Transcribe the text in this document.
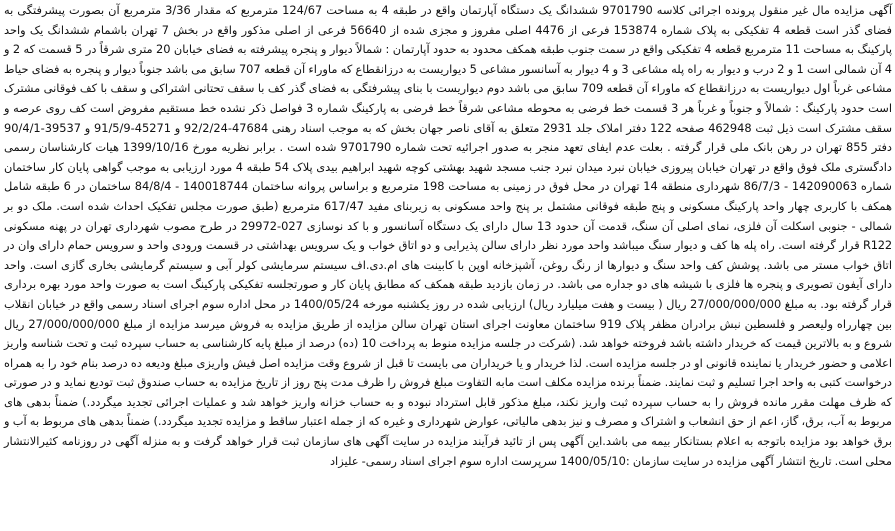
آگهی مزایده مال غیر منقول پرونده اجرائی کلاسه 9701790 ششدانگ یک دستگاه آپارتمان واقع در طبقه 4 به مساحت 124/67 مترمربع که مقدار 3/36 مترمربع آن بصورت پیشرفتگی به فضای گذر است قطعه 4 تفکیکی به پلاک شماره 153874 فرعی از 4476 اصلی مفروز و مجزی شده از 56640 فرعی از اصلی مذکور واقع در بخش 7 تهران باشمام ششدانگ یک واحد پارکینگ به مساحت 11 مترمربع قطعه 4 تفکیکی واقع در سمت جنوب طبقه همکف محدود به حدود آپارتمان : شمالاً دیوار و پنجره پیشرفته به فضای خیابان 20 متری شرقاً در 5 قسمت که 2 و 4 آن شمالی است 1 و 2 درب و دیوار به راه پله مشاعی 3 و 4 دیوار به آسانسور مشاعی 5 دیواریست به درزانقطاع که ماوراء آن قطعه 707 سابق می باشد جنوباً دیوار و پنجره به فضای حیاط مشاعی غرباً اول دیواریست به درزانقطاع که ماوراء آن قطعه 709 سابق می باشد دوم دیواریست با بنای پیشرفتگی به فضای گذر کف با سقف تحتانی اشتراکی و سقف با کف فوقانی مشترک است حدود پارکینگ : شمالاً و جنوباً و غرباً هر 3 قسمت خط فرضی به محوطه مشاعی شرقاً خط فرضی به پارکینگ شماره 3 فواصل ذکر نشده خط مستقیم مفروض است کف روی عرصه و سقف مشترک است ذیل ثبت 462948 صفحه 122 دفتر املاک جلد 2931 متعلق به آقای ناصر جهان بخش که به موجب اسناد رهنی 47684-92/2/24 و 45271-91/5/9 و 39537-90/4/1 دفتر 855 تهران در رهن بانک ملی قرار گرفته . بعلت عدم ایفای تعهد منجر به صدور اجرائیه تحت شماره 9701790 شده است . برابر نظریه مورخ 1399/10/16 هیات کارشناسان رسمی دادگستری ملک فوق واقع در تهران خیابان پیروزی خیابان نبرد میدان نبرد جنب مسجد شهید بهشتی کوچه شهید ابراهیم بیدی پلاک 54 طبقه 4 مورد ارزیابی به موجب گواهی پایان کار ساختمان شماره 142090063 - 86/7/3 شهرداری منطقه 14 تهران در محل فوق در زمینی به مساحت 198 مترمربع و براساس پروانه ساختمان 140018744 - 84/8/4 ساختمان در 6 طبقه شامل همکف با کاربری چهار واحد پارکینگ مسکونی و پنج طبقه فوقانی مشتمل بر پنج واحد مسکونی به زیربنای مفید 617/47 مترمربع (طبق صورت مجلس تفکیک احداث شده است. ملک دو بر شمالی - جنوبی اسکلت آن فلزی، نمای اصلی آن سنگ، قدمت آن حدود 13 سال دارای یک دستگاه آسانسور و با کد نوسازی 027-29972 در طرح مصوب شهرداری تهران در پهنه مسکونی R122 قرار گرفته است. راه پله ها کف و دیوار سنگ میباشد واحد مورد نظر دارای سالن پذیرایی و دو اتاق خواب و یک سرویس بهداشتی در قسمت ورودی واحد و سرویس حمام دارای وان در اتاق خواب مستر می باشد. پوشش کف واحد سنگ و دیوارها از رنگ روغن، آشپزخانه اوپن با کابینت های ام.دی.اف سیستم سرمایشی کولر آبی و سیستم گرمایشی بخاری گازی است. واحد دارای آیفون تصویری و پنجره ها فلزی با شیشه های دو جداره می باشد. در زمان بازدید طبقه همکف که مطابق پایان کار و صورتجلسه تفکیکی پارکینگ است به صورت واحد مورد بهره برداری قرار گرفته بود. به مبلغ 27/000/000/000 ریال ( بیست و هفت میلیارد ریال) ارزیابی شده در روز یکشنبه مورخه 1400/05/24 در محل اداره سوم اجرای اسناد رسمی واقع در خیابان انقلاب بین چهارراه ولیعصر و فلسطین نبش برادران مظفر پلاک 919 ساختمان معاونت اجرای استان تهران سالن مزایده از طریق مزایده به فروش میرسد مزایده از مبلغ 27/000/000/000 ریال شروع و به بالاترین قیمت که خریدار داشته باشد فروخته خواهد شد. (شرکت در جلسه مزایده منوط به پرداخت 10 (ده) درصد از مبلغ پایه کارشناسی به حساب سپرده ثبت و تحت شناسه واریز اعلامی و حضور خریدار یا نماینده قانونی او در جلسه مزایده است. لذا خریدار و یا خریداران می بایست تا قبل از شروع وقت مزایده اصل فیش واریزی مبلغ ودیعه ده درصد بنام خود را به همراه درخواست کتبی به واحد اجرا تسلیم و ثبت نمایند. ضمناً برنده مزایده مکلف است مابه التفاوت مبلغ فروش را ظرف مدت پنج روز از تاریخ مزایده به حساب صندوق ثبت تودیع نماید و در صورتی که ظرف مهلت مقرر مانده فروش را به حساب سپرده ثبت واریز نکند، مبلغ مذکور قابل استرداد نبوده و به حساب خزانه واریز خواهد شد و عملیات اجرائی تجدید میگردد.) ضمناً بدهی های مربوط به آب، برق، گاز، اعم از حق انشعاب و اشتراک و مصرف و نیز بدهی مالیاتی، عوارض شهرداری و غیره که از جمله اعتبار ساقط و مزایده تجدید میگردد.) ضمناً بدهی های مربوط به آب و برق خواهد بود مزایده باتوجه به اعلام بستانکار بیمه می باشد.این آگهی پس از تائید فرآیند مزایده در سایت آگهی های سازمان ثبت قرار خواهد گرفت و به منزله آگهی در روزنامه کثیرالانتشار محلی است. تاریخ انتشار آگهی مزایده در سایت سازمان :1400/05/10 سرپرست اداره سوم اجرای اسناد رسمی- علیزاد
